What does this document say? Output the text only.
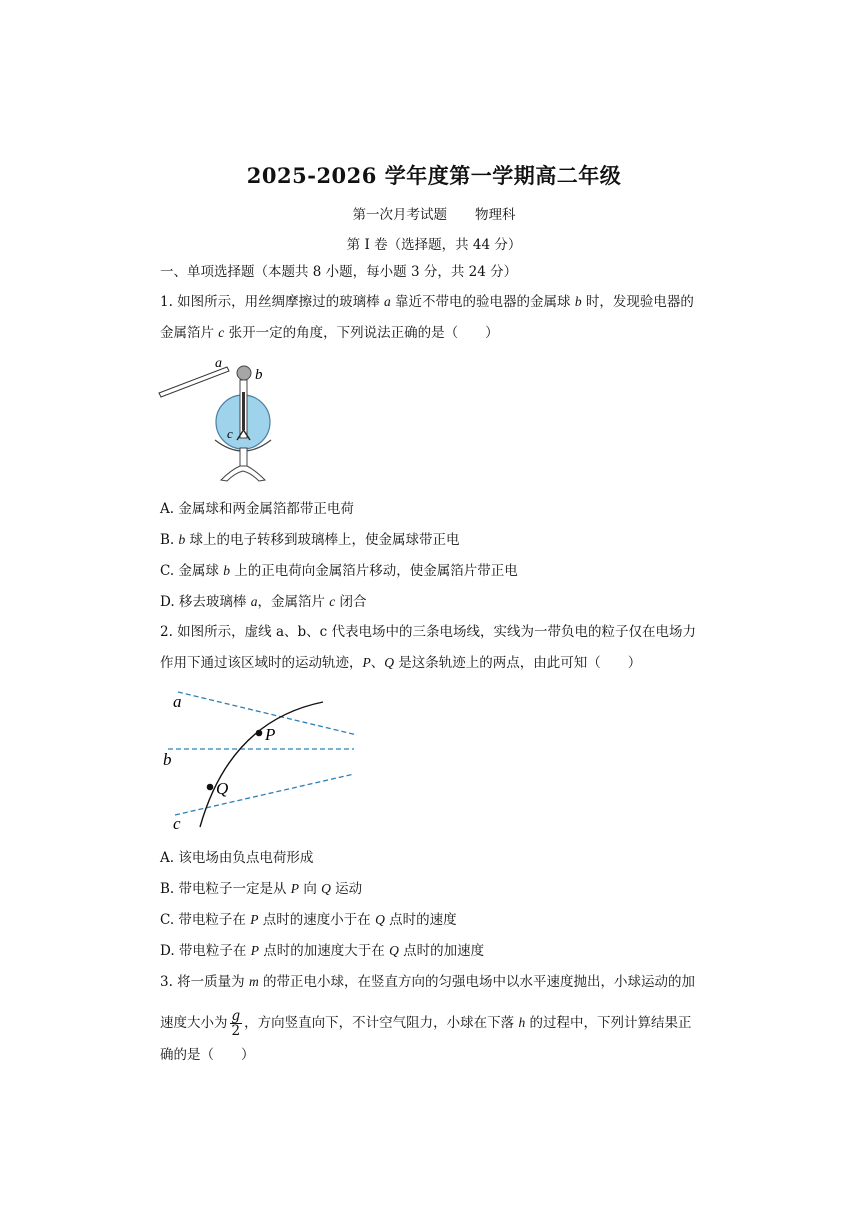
2025-2026 学年度第一学期高二年级
第一次月考试题 物理科
第 I 卷（选择题，共 44 分）
一、单项选择题（本题共 8 小题，每小题 3 分，共 24 分）
1. 如图所示，用丝绸摩擦过的玻璃棒 a 靠近不带电的验电器的金属球 b 时，发现验电器的
金属箔片 c 张开一定的角度，下列说法正确的是（　　）
a
b
c
A. 金属球和两金属箔都带正电荷
B. b 球上的电子转移到玻璃棒上，使金属球带正电
C. 金属球 b 上的正电荷向金属箔片移动，使金属箔片带正电
D. 移去玻璃棒 a，金属箔片 c 闭合
2. 如图所示，虚线 a、b、c 代表电场中的三条电场线，实线为一带负电的粒子仅在电场力
作用下通过该区域时的运动轨迹，P、Q 是这条轨迹上的两点，由此可知（　　）
P
Q
a
b
c
A. 该电场由负点电荷形成
B. 带电粒子一定是从 P 向 Q 运动
C. 带电粒子在 P 点时的速度小于在 Q 点时的速度
D. 带电粒子在 P 点时的加速度大于在 Q 点时的加速度
3. 将一质量为 m 的带正电小球，在竖直方向的匀强电场中以水平速度抛出，小球运动的加
速度大小为 $\frac{g}{2}$ ，方向竖直向下，不计空气阻力，小球在下落 h 的过程中，下列计算结果正
确的是（　　）
